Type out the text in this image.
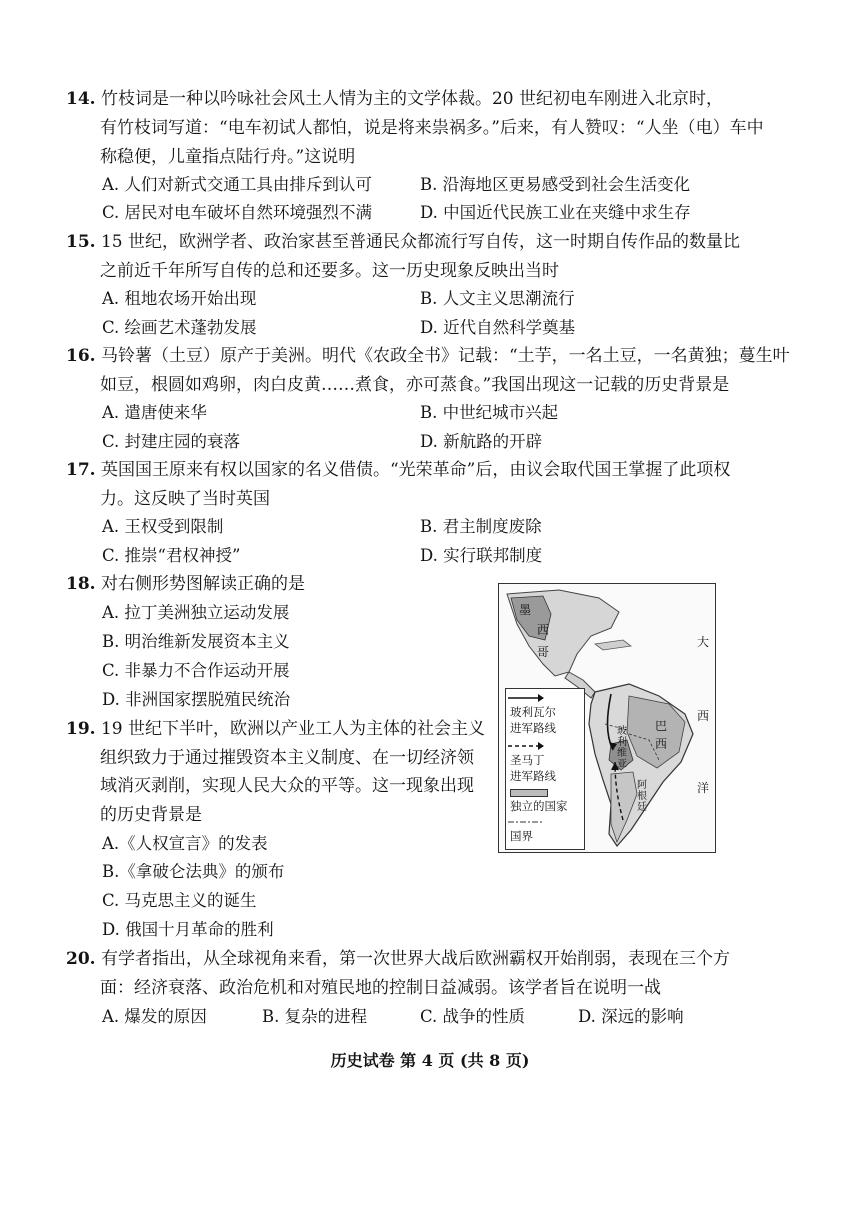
14. 竹枝词是一种以吟咏社会风土人情为主的文学体裁。20 世纪初电车刚进入北京时，
有竹枝词写道：“电车初试人都怕，说是将来祟祸多。”后来，有人赞叹：“人坐（电）车中
称稳便，儿童指点陆行舟。”这说明
A. 人们对新式交通工具由排斥到认可	B. 沿海地区更易感受到社会生活变化
C. 居民对电车破坏自然环境强烈不满	D. 中国近代民族工业在夹缝中求生存
15. 15 世纪，欧洲学者、政治家甚至普通民众都流行写自传，这一时期自传作品的数量比
之前近千年所写自传的总和还要多。这一历史现象反映出当时
A. 租地农场开始出现	B. 人文主义思潮流行
C. 绘画艺术蓬勃发展	D. 近代自然科学奠基
16. 马铃薯（土豆）原产于美洲。明代《农政全书》记载：“土芋，一名土豆，一名黄独；蔓生叶
如豆，根圆如鸡卵，肉白皮黄……煮食，亦可蒸食。”我国出现这一记载的历史背景是
A. 遣唐使来华	B. 中世纪城市兴起
C. 封建庄园的衰落	D. 新航路的开辟
17. 英国国王原来有权以国家的名义借债。“光荣革命”后，由议会取代国王掌握了此项权
力。这反映了当时英国
A. 王权受到限制	B. 君主制度废除
C. 推崇“君权神授”	D. 实行联邦制度
18. 对右侧形势图解读正确的是
A. 拉丁美洲独立运动发展
B. 明治维新发展资本主义
C. 非暴力不合作运动开展
D. 非洲国家摆脱殖民统治
19. 19 世纪下半叶，欧洲以产业工人为主体的社会主义
组织致力于通过摧毁资本主义制度、在一切经济领
域消灭剥削，实现人民大众的平等。这一现象出现
的历史背景是
A.《人权宣言》的发表
B.《拿破仑法典》的颁布
C. 马克思主义的诞生
D. 俄国十月革命的胜利
20. 有学者指出，从全球视角来看，第一次世界大战后欧洲霸权开始削弱，表现在三个方
面：经济衰落、政治危机和对殖民地的控制日益减弱。该学者旨在说明一战
A. 爆发的原因	B. 复杂的进程	C. 战争的性质	D. 深远的影响
墨
西
哥
大
西
洋
巴
西
玻利维亚
阿根廷
玻利瓦尔
进军路线
圣马丁
进军路线
独立的国家
国界
历史试卷 第 4 页 (共 8 页)
